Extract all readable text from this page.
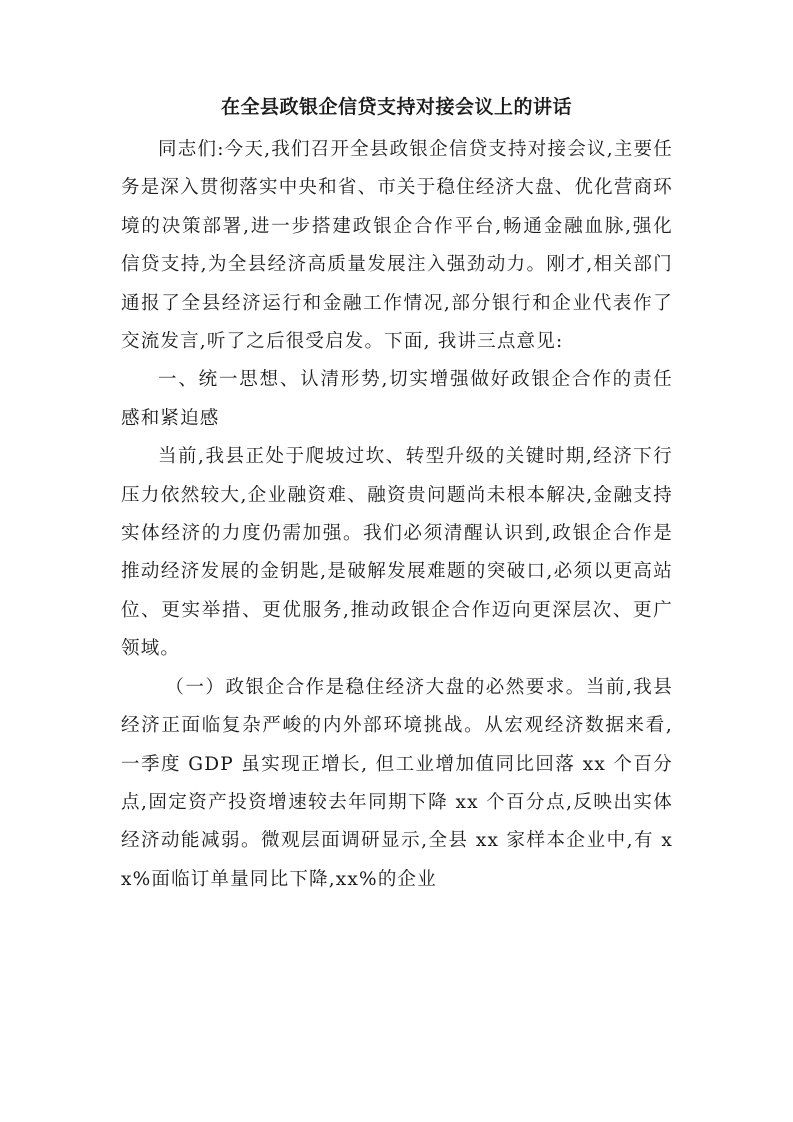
在全县政银企信贷支持对接会议上的讲话

同志们:今天,我们召开全县政银企信贷支持对接会议,主要任务是深入贯彻落实中央和省、市关于稳住经济大盘、优化营商环境的决策部署,进一步搭建政银企合作平台,畅通金融血脉,强化信贷支持,为全县经济高质量发展注入强劲动力。刚才,相关部门通报了全县经济运行和金融工作情况,部分银行和企业代表作了交流发言,听了之后很受启发。下面, 我讲三点意见:

一、统一思想、认清形势,切实增强做好政银企合作的责任感和紧迫感

当前,我县正处于爬坡过坎、转型升级的关键时期,经济下行压力依然较大,企业融资难、融资贵问题尚未根本解决,金融支持实体经济的力度仍需加强。我们必须清醒认识到,政银企合作是推动经济发展的金钥匙,是破解发展难题的突破口,必须以更高站位、更实举措、更优服务,推动政银企合作迈向更深层次、更广领域。

（一）政银企合作是稳住经济大盘的必然要求。当前,我县经济正面临复杂严峻的内外部环境挑战。从宏观经济数据来看, 一季度 GDP 虽实现正增长, 但工业增加值同比回落 xx 个百分点,固定资产投资增速较去年同期下降 xx 个百分点,反映出实体经济动能减弱。微观层面调研显示,全县 xx 家样本企业中,有 xx%面临订单量同比下降,xx%的企业
